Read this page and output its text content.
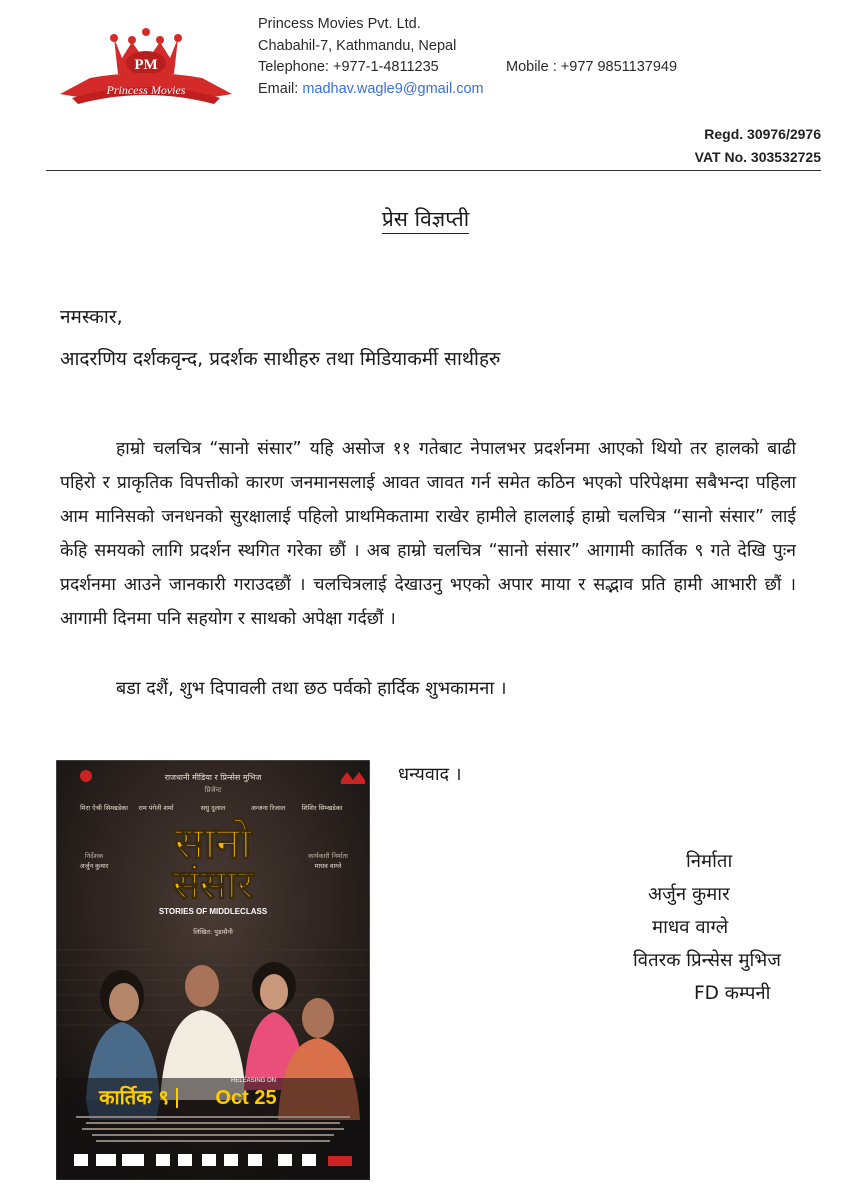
PM
Princess Movies
Princess Movies Pvt. Ltd.
Chabahil-7, Kathmandu, Nepal
Telephone: +977-1-4811235	Mobile : +977 9851137949
Email: madhav.wagle9@gmail.com
Regd. 30976/2976
VAT No. 303532725
प्रेस विज्ञप्ती
नमस्कार,
आदरणिय दर्शकवृन्द, प्रदर्शक साथीहरु तथा मिडियाकर्मी साथीहरु
हाम्रो चलचित्र “सानो संसार” यहि असोज ११ गतेबाट नेपालभर प्रदर्शनमा आएको थियो तर हालको बाढी पहिरो र प्राकृतिक विपत्तीको कारण जनमानसलाई आवत जावत गर्न समेत कठिन भएको परिपेक्षमा सबैभन्दा पहिला आम मानिसको जनधनको सुरक्षालाई पहिलो प्राथमिकतामा राखेर हामीले हाललाई हाम्रो चलचित्र “सानो संसार” लाई केहि समयको लागि प्रदर्शन स्थगित गरेका छौं । अब हाम्रो चलचित्र “सानो संसार” आगामी कार्तिक ९ गते देखि पुःन प्रदर्शनमा आउने जानकारी गराउदछौं । चलचित्रलाई देखाउनु भएको अपार माया र सद्भाव प्रति हामी आभारी छौं । आगामी दिनमा पनि सहयोग र साथको अपेक्षा गर्दछौं ।
बडा दशैं, शुभ दिपावली तथा छठ पर्वको हार्दिक शुभकामना ।
राजधानी मीडिया र प्रिन्सेस मुभिज
प्रिजेन्ट
मिरा ऐश्री सिम्खडेका राम पंगेनी शर्मा	सधु दुलाल	अन्जना रिजाल	शिशिर सिम्खडेका
निर्देशक
अर्जुन कुमार
कार्यकारी निर्माता
माधव वाग्ले
सानो
संसार
STORIES OF MIDDLECLASS
लिखित: पुडासैनी
RELEASING ON
कार्तिक ९ Oct 25
धन्यवाद ।
निर्माता
अर्जुन कुमार
माधव वाग्ले
वितरक प्रिन्सेस मुभिज
FD कम्पनी
